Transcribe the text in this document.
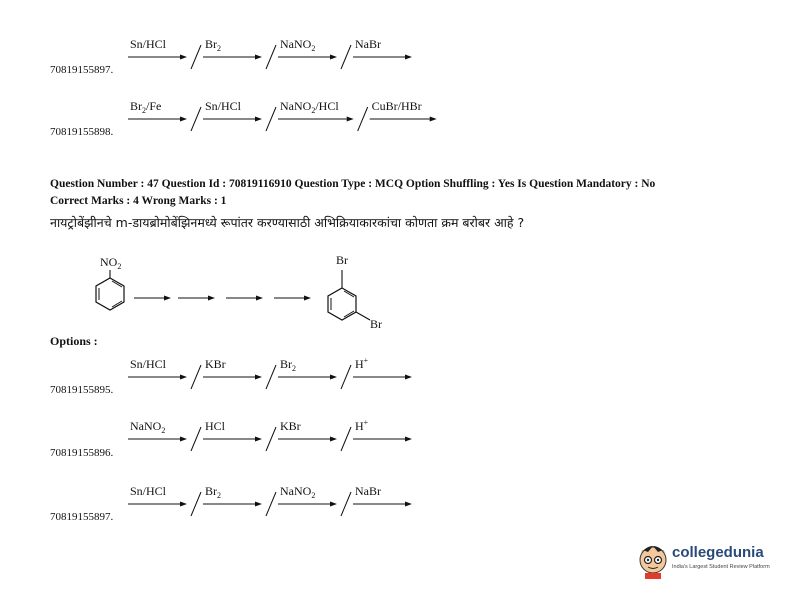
Sn/HCl	$Br_2$	NaNO$_2$	NaBr
70819155897.
$Br_2/Fe$	Sn/HCl	NaNO$_2$/HCl	CuBr/HBr
70819155898.
Question Number : 47 Question Id : 70819116910 Question Type : MCQ Option Shuffling : Yes Is Question Mandatory : No
Correct Marks : 4 Wrong Marks : 1
नायट्रोबेंझीनचे m-डायब्रोमोबेंझिनमध्ये रूपांतर करण्यासाठी अभिक्रियाकारकांचा कोणता क्रम बरोबर आहे ?
$NO_2$	Br
Br
Options :
Sn/HCl	KBr	$Br_2$	H+
70819155895.
NaNO$_2$	HCl	KBr	H+
70819155896.
Sn/HCl	$Br_2$	NaNO$_2$	NaBr
70819155897.
collegedunia
India's Largest Student Review Platform
